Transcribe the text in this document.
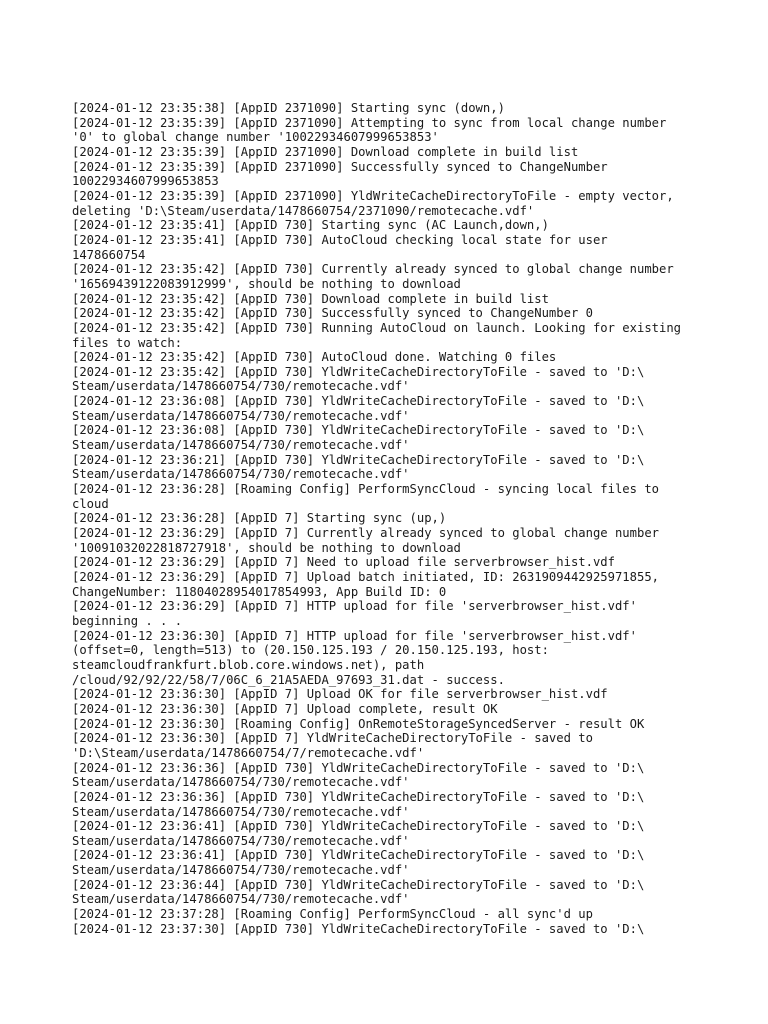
[2024-01-12 23:35:38] [AppID 2371090] Starting sync (down,)
[2024-01-12 23:35:39] [AppID 2371090] Attempting to sync from local change number
'0' to global change number '10022934607999653853'
[2024-01-12 23:35:39] [AppID 2371090] Download complete in build list
[2024-01-12 23:35:39] [AppID 2371090] Successfully synced to ChangeNumber
10022934607999653853
[2024-01-12 23:35:39] [AppID 2371090] YldWriteCacheDirectoryToFile - empty vector,
deleting 'D:\Steam/userdata/1478660754/2371090/remotecache.vdf'
[2024-01-12 23:35:41] [AppID 730] Starting sync (AC Launch,down,)
[2024-01-12 23:35:41] [AppID 730] AutoCloud checking local state for user
1478660754
[2024-01-12 23:35:42] [AppID 730] Currently already synced to global change number
'16569439122083912999', should be nothing to download
[2024-01-12 23:35:42] [AppID 730] Download complete in build list
[2024-01-12 23:35:42] [AppID 730] Successfully synced to ChangeNumber 0
[2024-01-12 23:35:42] [AppID 730] Running AutoCloud on launch. Looking for existing
files to watch:
[2024-01-12 23:35:42] [AppID 730] AutoCloud done. Watching 0 files
[2024-01-12 23:35:42] [AppID 730] YldWriteCacheDirectoryToFile - saved to 'D:\
Steam/userdata/1478660754/730/remotecache.vdf'
[2024-01-12 23:36:08] [AppID 730] YldWriteCacheDirectoryToFile - saved to 'D:\
Steam/userdata/1478660754/730/remotecache.vdf'
[2024-01-12 23:36:08] [AppID 730] YldWriteCacheDirectoryToFile - saved to 'D:\
Steam/userdata/1478660754/730/remotecache.vdf'
[2024-01-12 23:36:21] [AppID 730] YldWriteCacheDirectoryToFile - saved to 'D:\
Steam/userdata/1478660754/730/remotecache.vdf'
[2024-01-12 23:36:28] [Roaming Config] PerformSyncCloud - syncing local files to
cloud
[2024-01-12 23:36:28] [AppID 7] Starting sync (up,)
[2024-01-12 23:36:29] [AppID 7] Currently already synced to global change number
'10091032022818727918', should be nothing to download
[2024-01-12 23:36:29] [AppID 7] Need to upload file serverbrowser_hist.vdf
[2024-01-12 23:36:29] [AppID 7] Upload batch initiated, ID: 2631909442925971855,
ChangeNumber: 11804028954017854993, App Build ID: 0
[2024-01-12 23:36:29] [AppID 7] HTTP upload for file 'serverbrowser_hist.vdf'
beginning . . .
[2024-01-12 23:36:30] [AppID 7] HTTP upload for file 'serverbrowser_hist.vdf'
(offset=0, length=513) to (20.150.125.193 / 20.150.125.193, host:
steamcloudfrankfurt.blob.core.windows.net), path
/cloud/92/92/22/58/7/06C_6_21A5AEDA_97693_31.dat - success.
[2024-01-12 23:36:30] [AppID 7] Upload OK for file serverbrowser_hist.vdf
[2024-01-12 23:36:30] [AppID 7] Upload complete, result OK
[2024-01-12 23:36:30] [Roaming Config] OnRemoteStorageSyncedServer - result OK
[2024-01-12 23:36:30] [AppID 7] YldWriteCacheDirectoryToFile - saved to
'D:\Steam/userdata/1478660754/7/remotecache.vdf'
[2024-01-12 23:36:36] [AppID 730] YldWriteCacheDirectoryToFile - saved to 'D:\
Steam/userdata/1478660754/730/remotecache.vdf'
[2024-01-12 23:36:36] [AppID 730] YldWriteCacheDirectoryToFile - saved to 'D:\
Steam/userdata/1478660754/730/remotecache.vdf'
[2024-01-12 23:36:41] [AppID 730] YldWriteCacheDirectoryToFile - saved to 'D:\
Steam/userdata/1478660754/730/remotecache.vdf'
[2024-01-12 23:36:41] [AppID 730] YldWriteCacheDirectoryToFile - saved to 'D:\
Steam/userdata/1478660754/730/remotecache.vdf'
[2024-01-12 23:36:44] [AppID 730] YldWriteCacheDirectoryToFile - saved to 'D:\
Steam/userdata/1478660754/730/remotecache.vdf'
[2024-01-12 23:37:28] [Roaming Config] PerformSyncCloud - all sync'd up
[2024-01-12 23:37:30] [AppID 730] YldWriteCacheDirectoryToFile - saved to 'D:\
